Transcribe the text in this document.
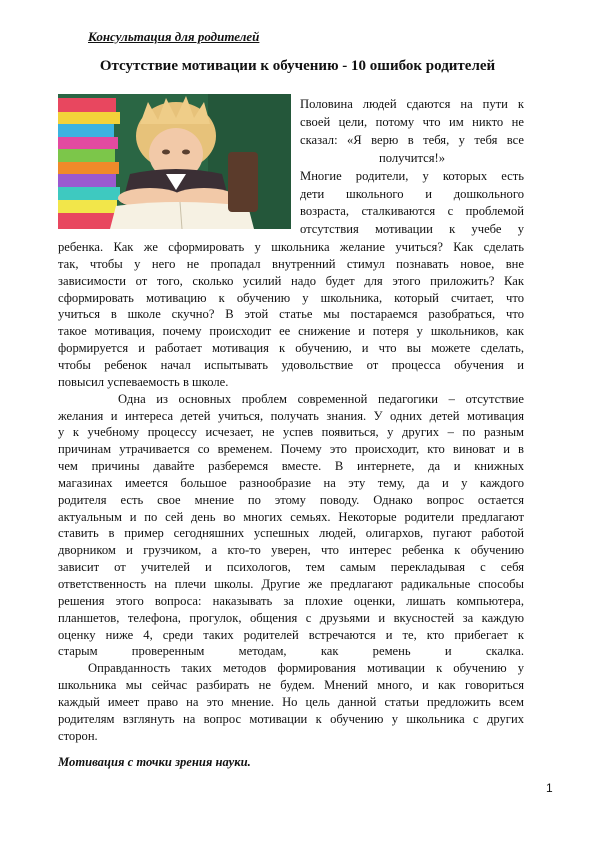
Консультация для родителей
Отсутствие мотивации к обучению - 10 ошибок родителей
Половина людей сдаются на пути к
своей цели, потому что им никто не
сказал: «Я верю в тебя, у тебя все
получится!»
Многие родители, у которых есть
дети школьного и дошкольного
возраста, сталкиваются с проблемой
отсутствия мотивации к учебе у
ребенка. Как же сформировать у школьника желание учиться? Как сделать
так, чтобы у него не пропадал внутренний стимул познавать новое, вне
зависимости от того, сколько усилий надо будет для этого приложить? Как
сформировать мотивацию к обучению у школьника, который считает, что
учиться в школе скучно? В этой статье мы постараемся разобраться, что
такое мотивация, почему происходит ее снижение и потеря у школьников, как
формируется и работает мотивация к обучению, и что вы можете сделать,
чтобы ребенок начал испытывать удовольствие от процесса обучения и
повысил успеваемость в школе.
Одна из основных проблем современной педагогики – отсутствие
желания и интереса детей учиться, получать знания. У одних детей мотивация
у к учебному процессу исчезает, не успев появиться, у других – по разным
причинам утрачивается со временем. Почему это происходит, кто виноват и в
чем причины давайте разберемся вместе. В интернете, да и книжных
магазинах имеется большое разнообразие на эту тему, да и у каждого
родителя есть свое мнение по этому поводу. Однако вопрос остается
актуальным и по сей день во многих семьях. Некоторые родители предлагают
ставить в пример сегодняшних успешных людей, олигархов, пугают работой
дворником и грузчиком, а кто-то уверен, что интерес ребенка к обучению
зависит от учителей и психологов, тем самым перекладывая с себя
ответственность на плечи школы. Другие же предлагают радикальные способы
решения этого вопроса: наказывать за плохие оценки, лишать компьютера,
планшетов, телефона, прогулок, общения с друзьями и вкусностей за каждую
оценку ниже 4, среди таких родителей встречаются и те, кто прибегает к
старым проверенным методам, как ремень и скалка.
Оправданность таких методов формирования мотивации к обучению у
школьника мы сейчас разбирать не будем. Мнений много, и как говориться
каждый имеет право на это мнение. Но цель данной статьи предложить всем
родителям взглянуть на вопрос мотивации к обучению у школьника с других
сторон.
Мотивация с точки зрения науки.
1
